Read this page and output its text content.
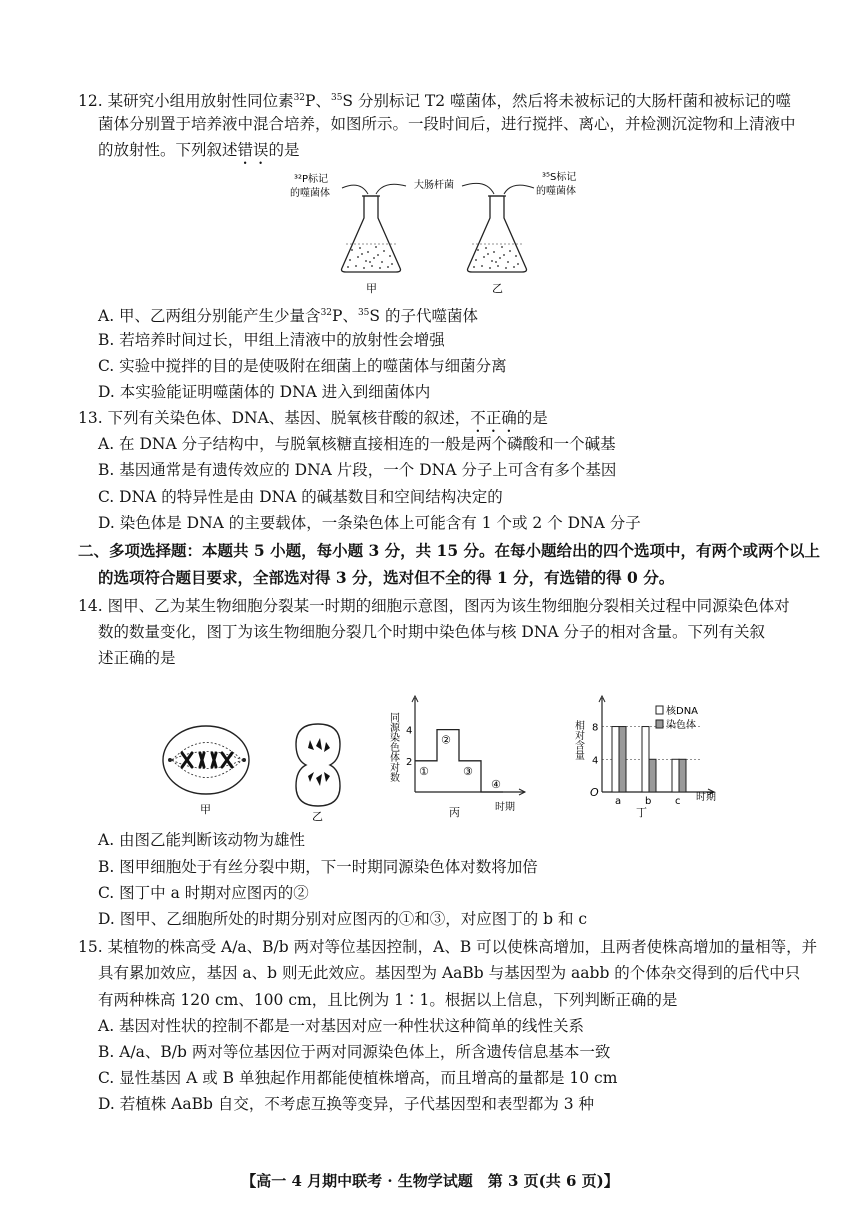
12. 某研究小组用放射性同位素$^{32}$P、$^{35}$S 分别标记 T2 噬菌体，然后将未被标记的大肠杆菌和被标记的噬
菌体分别置于培养液中混合培养，如图所示。一段时间后，进行搅拌、离心，并检测沉淀物和上清液中
的放射性。下列叙述错误的是
³²P标记
的噬菌体
大肠杆菌
³⁵S标记
的噬菌体
甲	乙
A. 甲、乙两组分别能产生少量含$^{32}$P、$^{35}$S 的子代噬菌体
B. 若培养时间过长，甲组上清液中的放射性会增强
C. 实验中搅拌的目的是使吸附在细菌上的噬菌体与细菌分离
D. 本实验能证明噬菌体的 DNA 进入到细菌体内
13. 下列有关染色体、DNA、基因、脱氧核苷酸的叙述，不正确的是
A. 在 DNA 分子结构中，与脱氧核糖直接相连的一般是两个磷酸和一个碱基
B. 基因通常是有遗传效应的 DNA 片段，一个 DNA 分子上可含有多个基因
C. DNA 的特异性是由 DNA 的碱基数目和空间结构决定的
D. 染色体是 DNA 的主要载体，一条染色体上可能含有 1 个或 2 个 DNA 分子
二、多项选择题：本题共 5 小题，每小题 3 分，共 15 分。在每小题给出的四个选项中，有两个或两个以上
的选项符合题目要求，全部选对得 3 分，选对但不全的得 1 分，有选错的得 0 分。
14. 图甲、乙为某生物细胞分裂某一时期的细胞示意图，图丙为该生物细胞分裂相关过程中同源染色体对
数的数量变化，图丁为该生物细胞分裂几个时期中染色体与核 DNA 分子的相对含量。下列有关叙
述正确的是
甲
乙
同源染色体对数
时期
2
4
①
②
③
④
丙
相对含量
时期
O
4
8
a b c
核DNA
染色体
丁
A. 由图乙能判断该动物为雄性
B. 图甲细胞处于有丝分裂中期，下一时期同源染色体对数将加倍
C. 图丁中 a 时期对应图丙的②
D. 图甲、乙细胞所处的时期分别对应图丙的①和③，对应图丁的 b 和 c
15. 某植物的株高受 A/a、B/b 两对等位基因控制，A、B 可以使株高增加，且两者使株高增加的量相等，并
具有累加效应，基因 a、b 则无此效应。基因型为 AaBb 与基因型为 aabb 的个体杂交得到的后代中只
有两种株高 120 cm、100 cm，且比例为 1∶1。根据以上信息，下列判断正确的是
A. 基因对性状的控制不都是一对基因对应一种性状这种简单的线性关系
B. A/a、B/b 两对等位基因位于两对同源染色体上，所含遗传信息基本一致
C. 显性基因 A 或 B 单独起作用都能使植株增高，而且增高的量都是 10 cm
D. 若植株 AaBb 自交，不考虑互换等变异，子代基因型和表型都为 3 种
【高一 4 月期中联考 · 生物学试题　第 3 页(共 6 页)】
